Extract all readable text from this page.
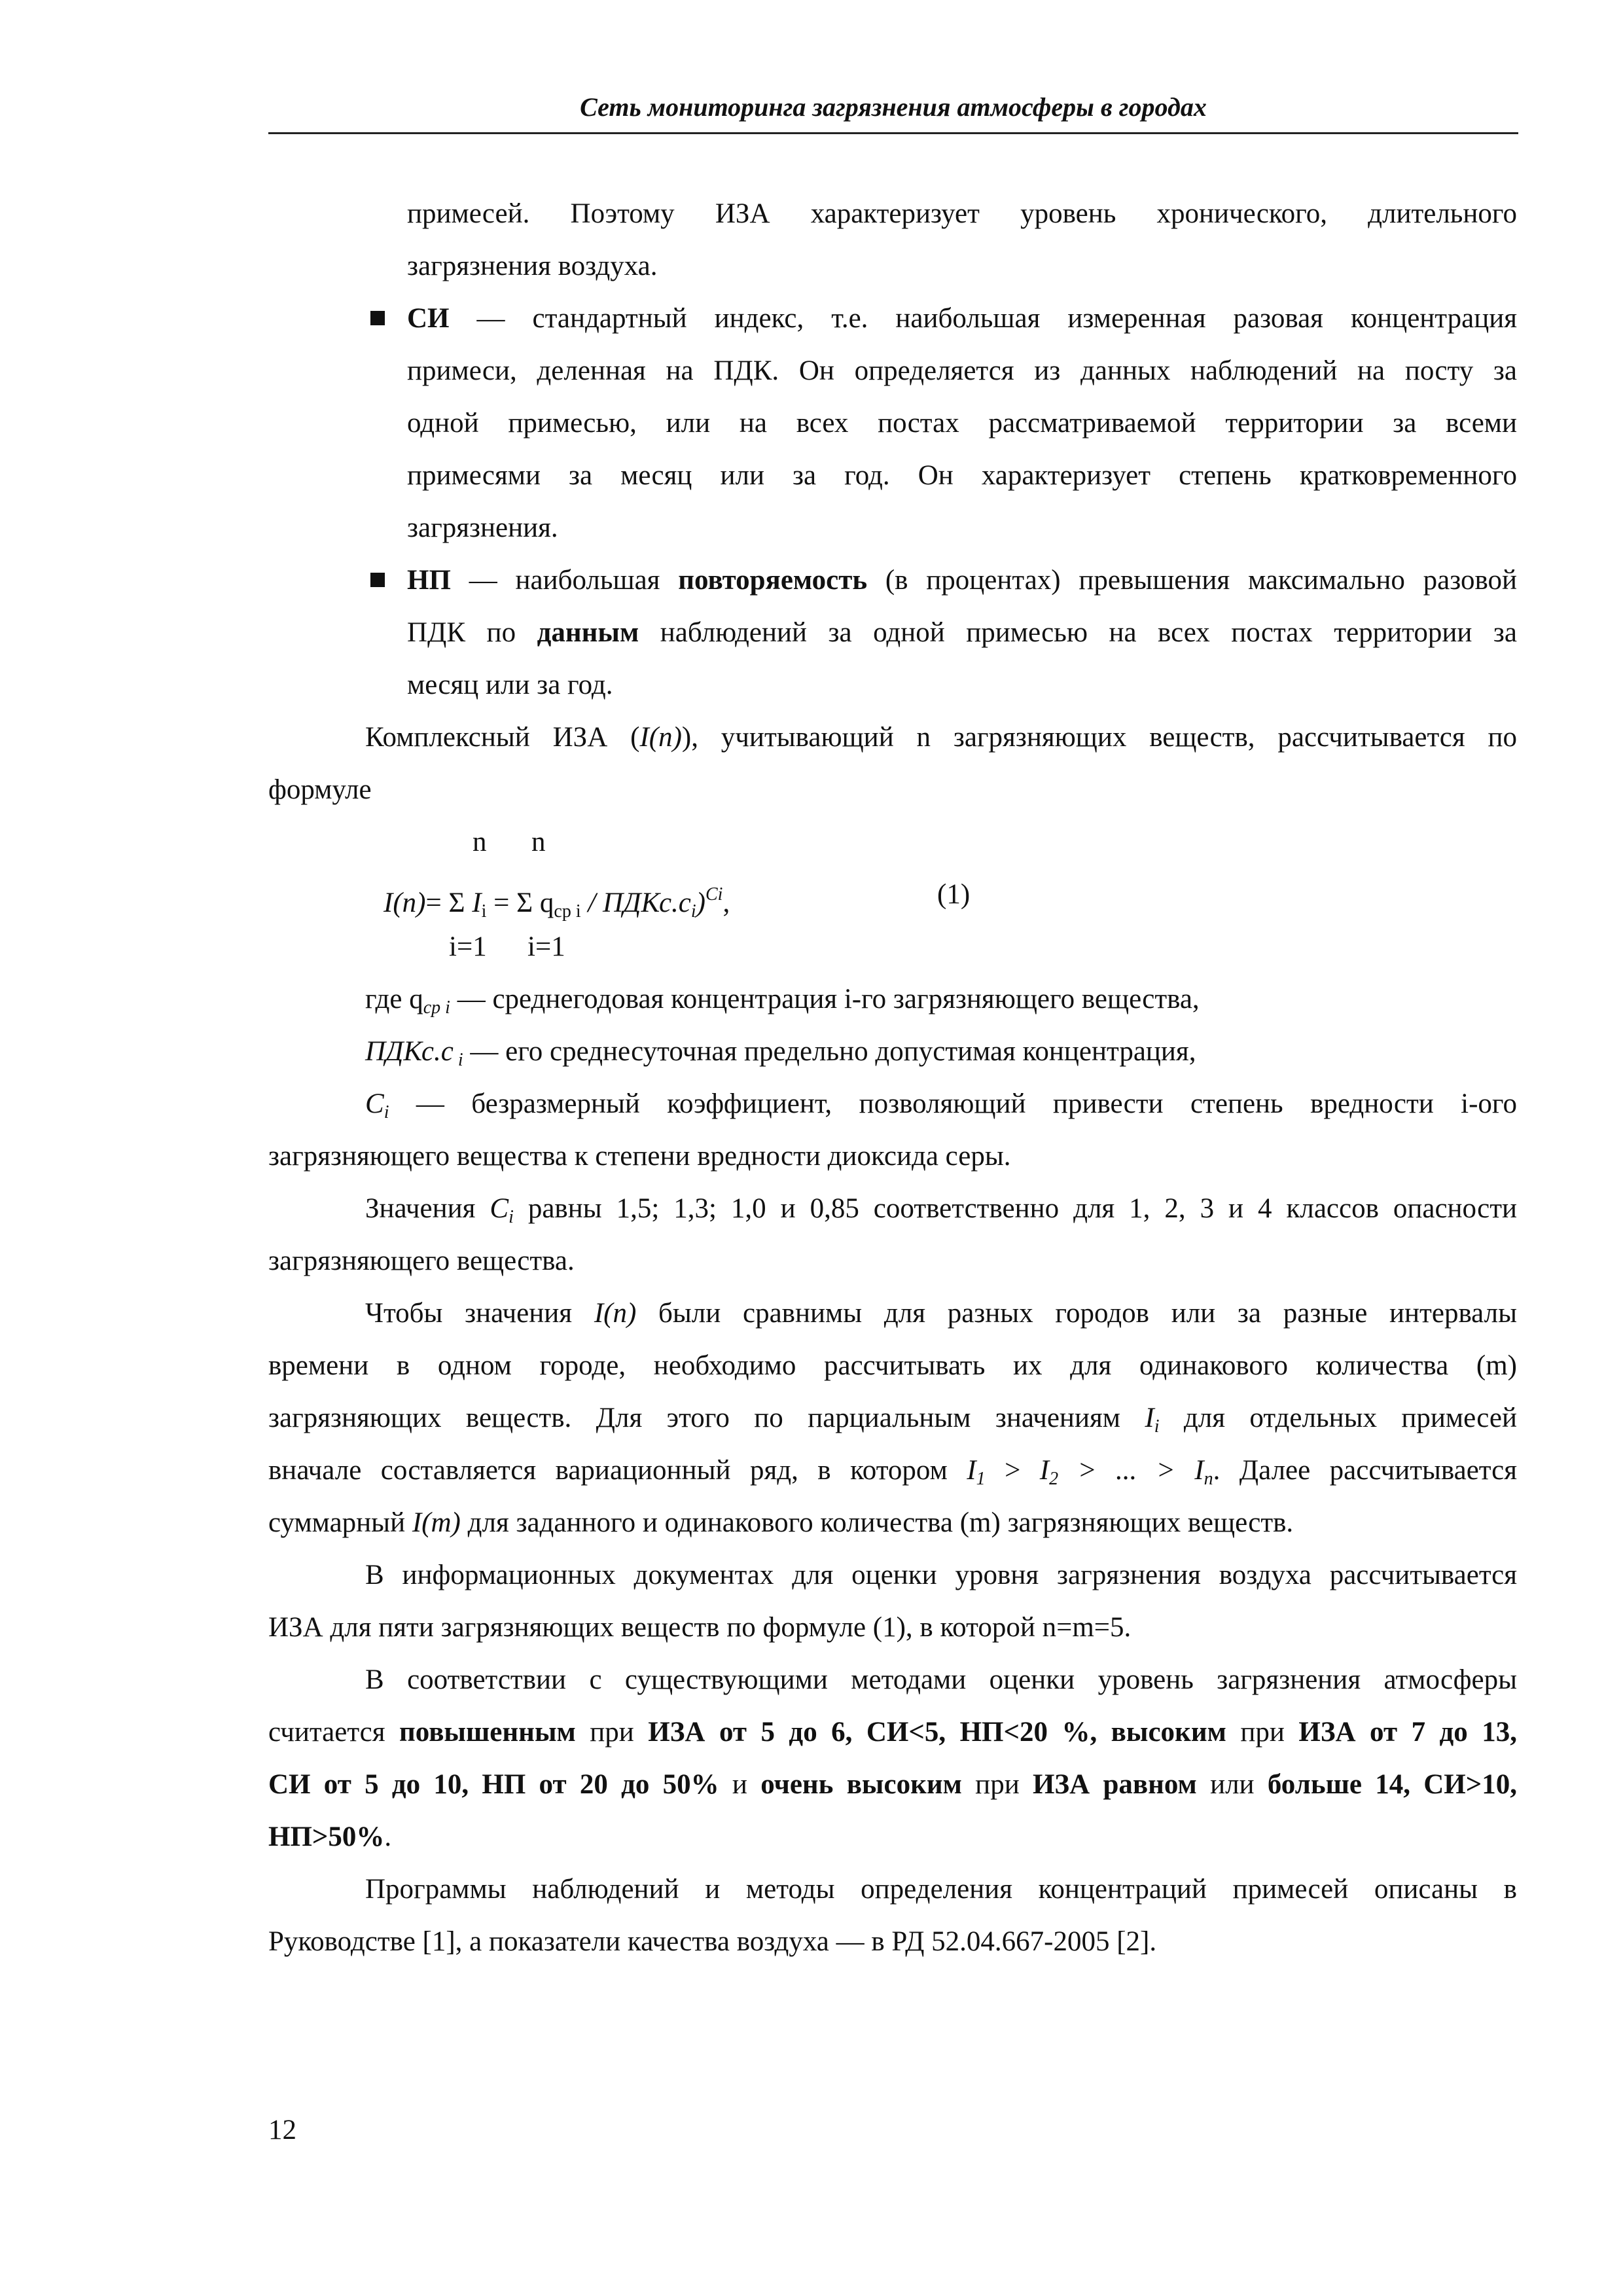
Сеть мониторинга загрязнения атмосферы в городах
примесей. Поэтому ИЗА характеризует уровень хронического, длительного
загрязнения воздуха.
СИ — стандартный индекс, т.е. наибольшая измеренная разовая концентрация
примеси, деленная на ПДК. Он определяется из данных наблюдений на посту за
одной примесью, или на всех постах рассматриваемой территории за всеми
примесями за месяц или за год. Он характеризует степень кратковременного
загрязнения.
НП — наибольшая повторяемость (в процентах) превышения максимально разовой
ПДК по данным наблюдений за одной примесью на всех постах территории за
месяц или за год.
Комплексный ИЗА (I(n)), учитывающий n загрязняющих веществ, рассчитывается по
формуле
n n
I(n)= Σ $I_i = \Sigma$ $q_{ср i}$ / $ПДКс.с_i)^{Ci}$,	(1)
i=1 i=1
где $q_{ср i}$ — среднегодовая концентрация i-го загрязняющего вещества,
ПДКс.с $_i$ — его среднесуточная предельно допустимая концентрация,
$C_i$ — безразмерный коэффициент, позволяющий привести степень вредности i-ого
загрязняющего вещества к степени вредности диоксида серы.
Значения $C_i$ равны 1,5; 1,3; 1,0 и 0,85 соответственно для 1, 2, 3 и 4 классов опасности
загрязняющего вещества.
Чтобы значения I(n) были сравнимы для разных городов или за разные интервалы
времени в одном городе, необходимо рассчитывать их для одинакового количества (m)
загрязняющих веществ. Для этого по парциальным значениям $I_i$ для отдельных примесей
вначале составляется вариационный ряд, в котором $I_1 > I_2$ > ... > $I_n$. Далее рассчитывается
суммарный I(m) для заданного и одинакового количества (m) загрязняющих веществ.
В информационных документах для оценки уровня загрязнения воздуха рассчитывается
ИЗА для пяти загрязняющих веществ по формуле (1), в которой n=m=5.
В соответствии с существующими методами оценки уровень загрязнения атмосферы
считается повышенным при ИЗА от 5 до 6, СИ<5, НП<20 %, высоким при ИЗА от 7 до 13,
СИ от 5 до 10, НП от 20 до 50% и очень высоким при ИЗА равном или больше 14, СИ>10,
НП>50%.
Программы наблюдений и методы определения концентраций примесей описаны в
Руководстве [1], а показатели качества воздуха — в РД 52.04.667-2005 [2].
12
